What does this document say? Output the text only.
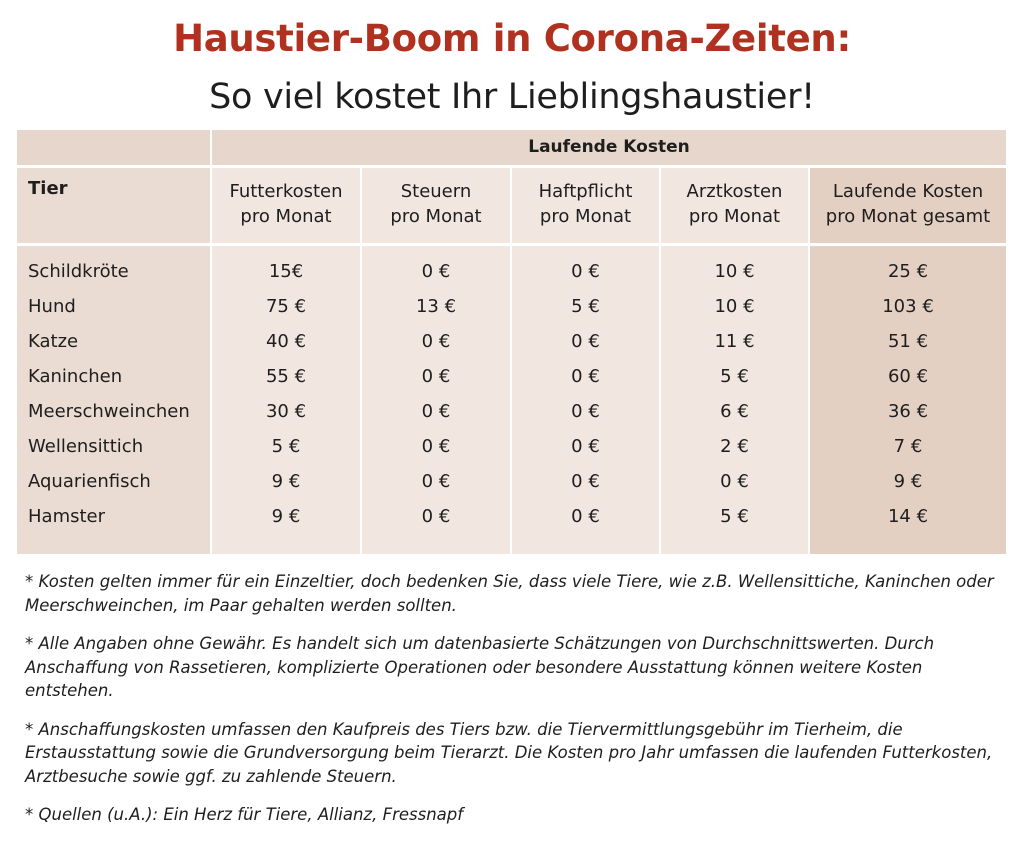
Haustier-Boom in Corona-Zeiten:
So viel kostet Ihr Lieblingshaustier!
Laufende Kosten
Tier	Futterkosten
pro Monat
Steuern
pro Monat
Haftpflicht
pro Monat
Arztkosten
pro Monat
Laufende Kosten
pro Monat gesamt
Schildkröte
Hund
Katze
Kaninchen
Meerschweinchen
Wellensittich
Aquarienfisch
Hamster
15€
75 €
40 €
55 €
30 €
5 €
9 €
9 €
0 €
13 €
0 €
0 €
0 €
0 €
0 €
0 €
0 €
5 €
0 €
0 €
0 €
0 €
0 €
0 €
10 €
10 €
11 €
5 €
6 €
2 €
0 €
5 €
25 €
103 €
51 €
60 €
36 €
7 €
9 €
14 €

* Kosten gelten immer für ein Einzeltier, doch bedenken Sie, dass viele Tiere, wie z.B. Wellensittiche, Kaninchen oder Meerschweinchen, im Paar gehalten werden sollten.

* Alle Angaben ohne Gewähr. Es handelt sich um datenbasierte Schätzungen von Durchschnittswerten. Durch Anschaffung von Rassetieren, komplizierte Operationen oder besondere Ausstattung können weitere Kosten entstehen.

* Anschaffungskosten umfassen den Kaufpreis des Tiers bzw. die Tiervermittlungsgebühr im Tierheim, die Erstausstattung sowie die Grundversorgung beim Tierarzt. Die Kosten pro Jahr umfassen die laufenden Futterkosten, Arztbesuche sowie ggf. zu zahlende Steuern.

* Quellen (u.A.): Ein Herz für Tiere, Allianz, Fressnapf
